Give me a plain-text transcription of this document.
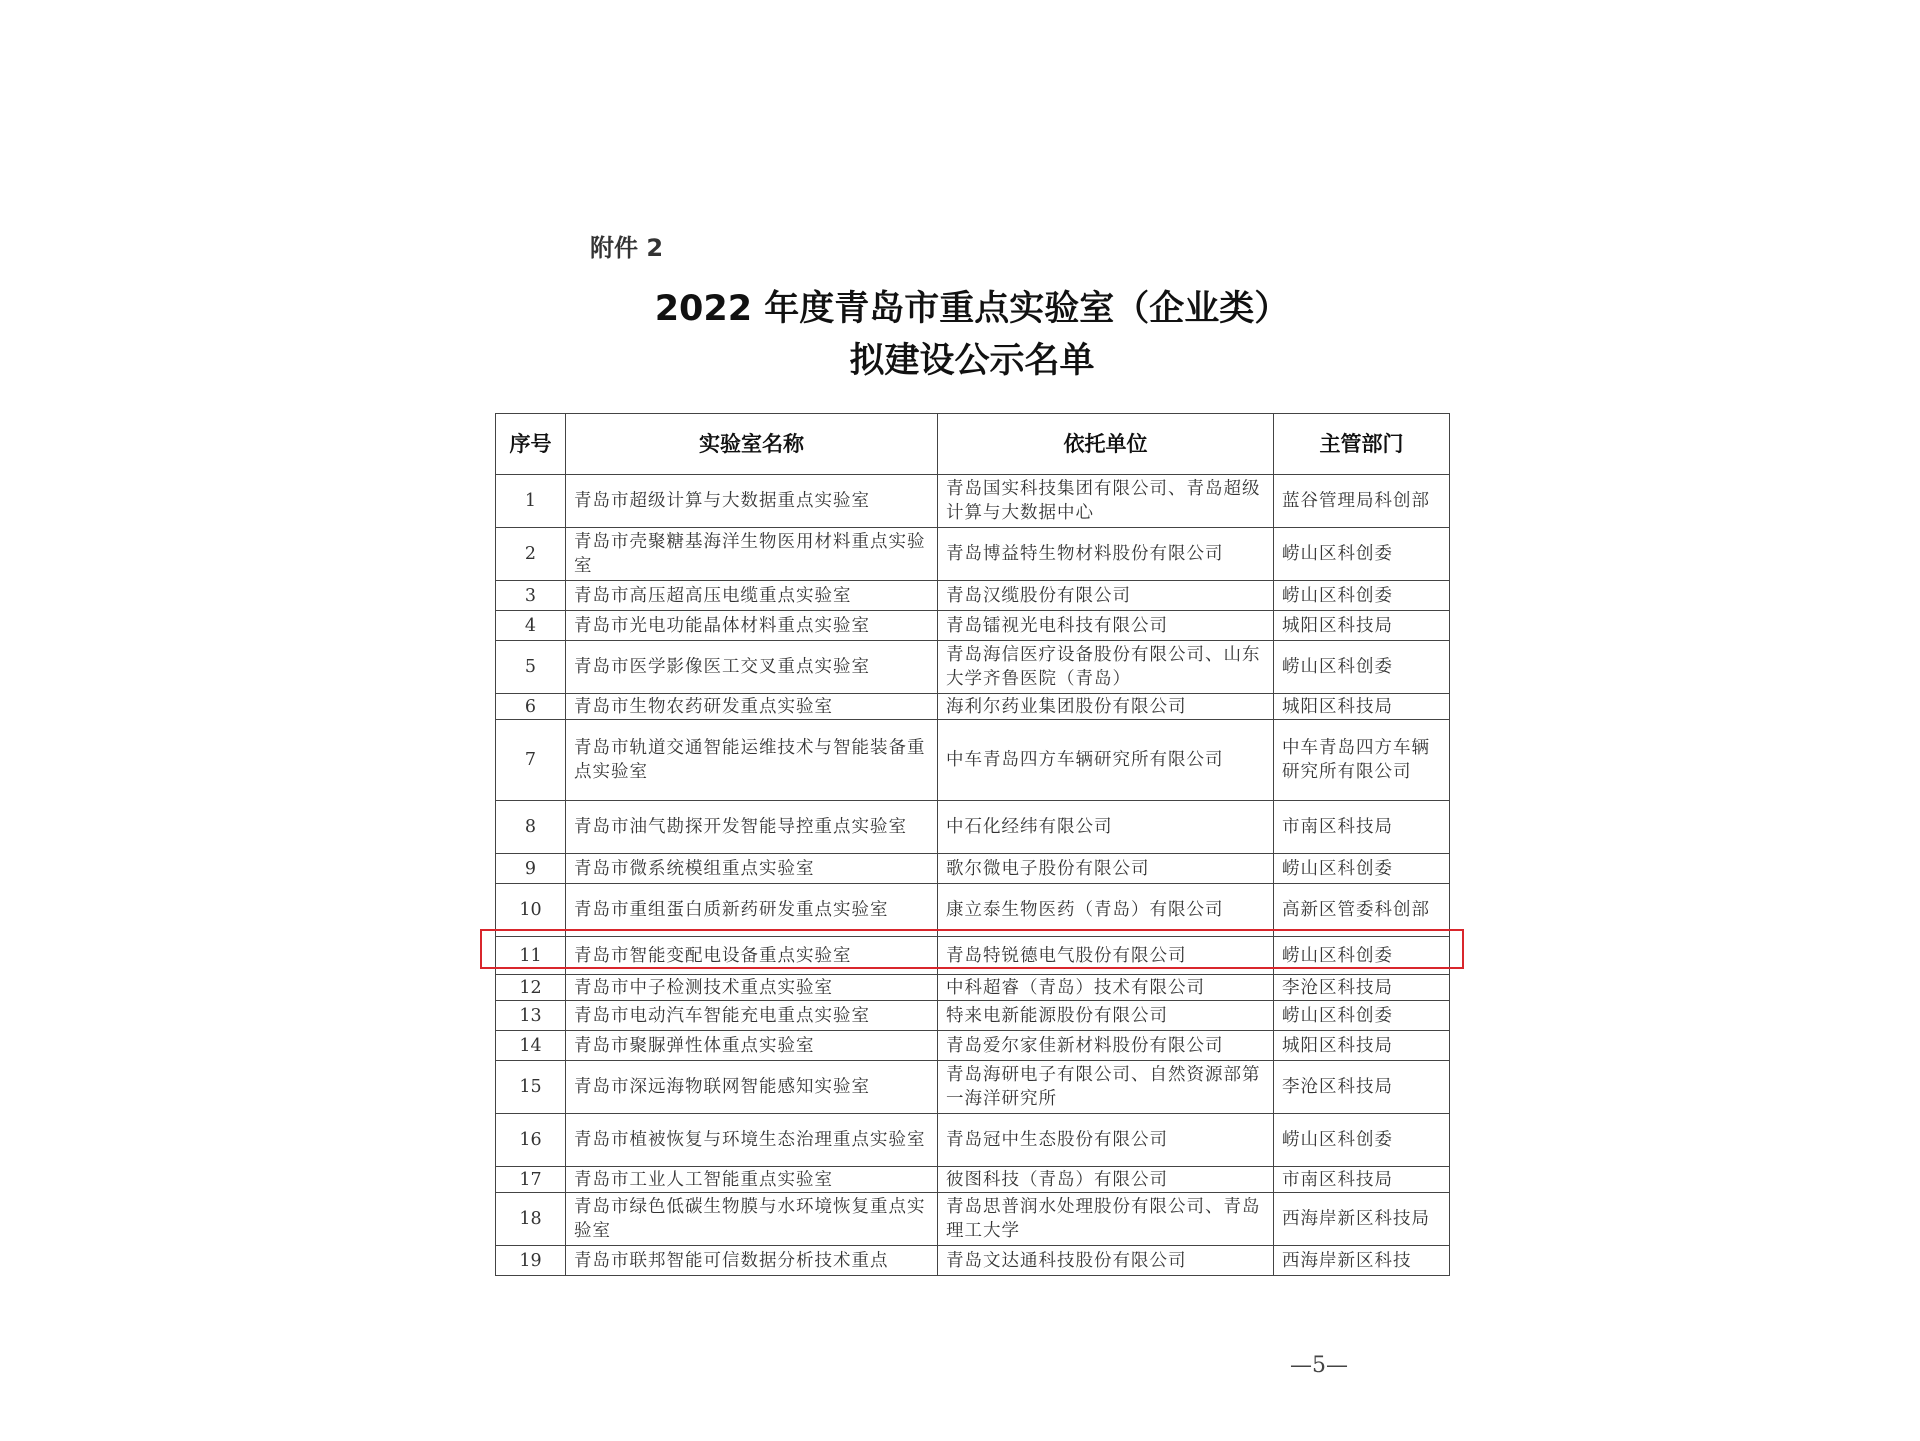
附件 2
2022 年度青岛市重点实验室（企业类）
拟建设公示名单
序号	实验室名称	依托单位	主管部门
1	青岛市超级计算与大数据重点实验室	青岛国实科技集团有限公司、青岛超级计算与大数据中心	蓝谷管理局科创部
2	青岛市壳聚糖基海洋生物医用材料重点实验室	青岛博益特生物材料股份有限公司	崂山区科创委
3	青岛市高压超高压电缆重点实验室	青岛汉缆股份有限公司	崂山区科创委
4	青岛市光电功能晶体材料重点实验室	青岛镭视光电科技有限公司	城阳区科技局
5	青岛市医学影像医工交叉重点实验室	青岛海信医疗设备股份有限公司、山东大学齐鲁医院（青岛）	崂山区科创委
6	青岛市生物农药研发重点实验室	海利尔药业集团股份有限公司	城阳区科技局
7	青岛市轨道交通智能运维技术与智能装备重点实验室	中车青岛四方车辆研究所有限公司	中车青岛四方车辆研究所有限公司
8	青岛市油气勘探开发智能导控重点实验室	中石化经纬有限公司	市南区科技局
9	青岛市微系统模组重点实验室	歌尔微电子股份有限公司	崂山区科创委
10	青岛市重组蛋白质新药研发重点实验室	康立泰生物医药（青岛）有限公司	高新区管委科创部
11	青岛市智能变配电设备重点实验室	青岛特锐德电气股份有限公司	崂山区科创委
12	青岛市中子检测技术重点实验室	中科超睿（青岛）技术有限公司	李沧区科技局
13	青岛市电动汽车智能充电重点实验室	特来电新能源股份有限公司	崂山区科创委
14	青岛市聚脲弹性体重点实验室	青岛爱尔家佳新材料股份有限公司	城阳区科技局
15	青岛市深远海物联网智能感知实验室	青岛海研电子有限公司、自然资源部第一海洋研究所	李沧区科技局
16	青岛市植被恢复与环境生态治理重点实验室	青岛冠中生态股份有限公司	崂山区科创委
17	青岛市工业人工智能重点实验室	彼图科技（青岛）有限公司	市南区科技局
18	青岛市绿色低碳生物膜与水环境恢复重点实验室	青岛思普润水处理股份有限公司、青岛理工大学	西海岸新区科技局
19	青岛市联邦智能可信数据分析技术重点	青岛文达通科技股份有限公司	西海岸新区科技
—5—
